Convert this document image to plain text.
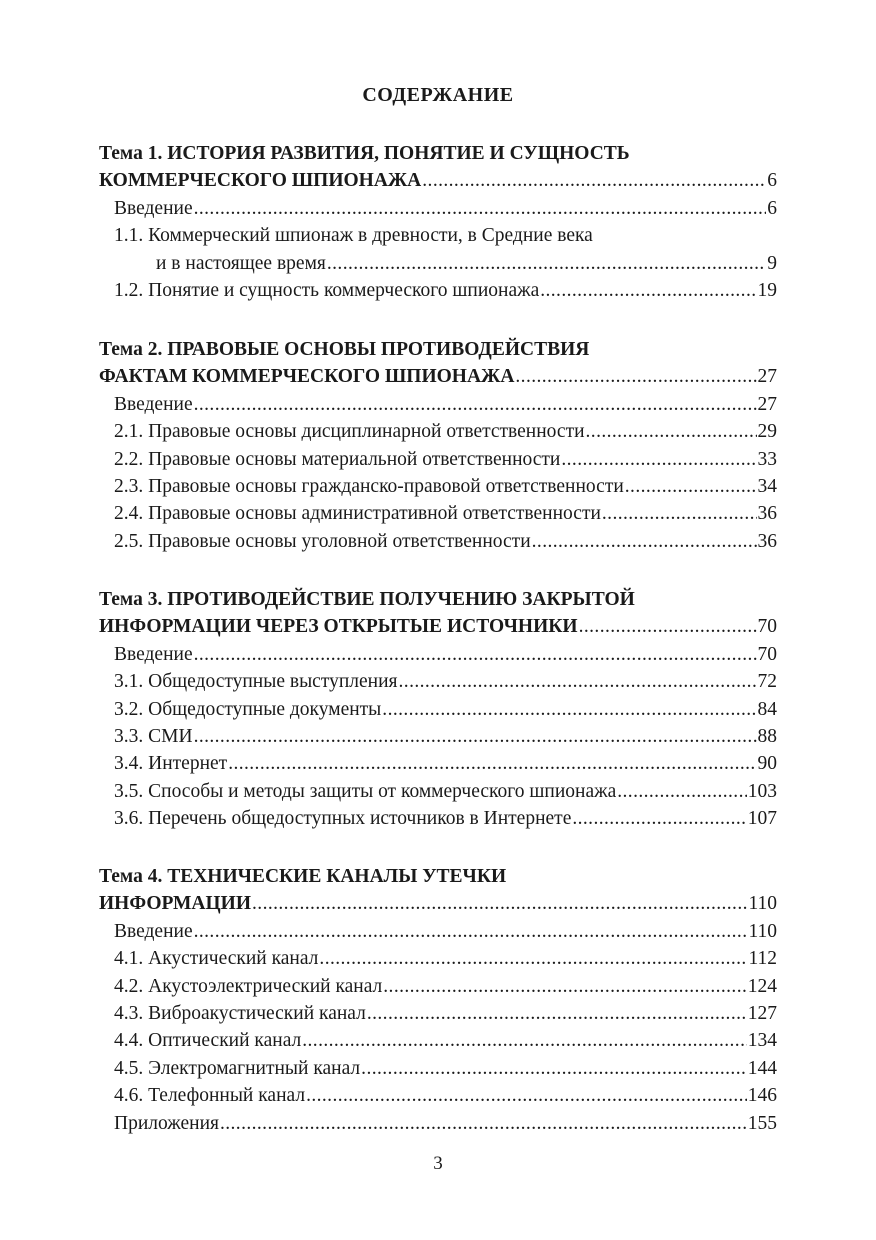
СОДЕРЖАНИЕ
Тема 1. ИСТОРИЯ РАЗВИТИЯ, ПОНЯТИЕ И СУЩНОСТЬ
КОММЕРЧЕСКОГО ШПИОНАЖА .....	6
Введение .....	6
1.1. Коммерческий шпионаж в древности, в Средние века
и в настоящее время .....	9
1.2. Понятие и сущность коммерческого шпионажа .....	19
Тема 2. ПРАВОВЫЕ ОСНОВЫ ПРОТИВОДЕЙСТВИЯ
ФАКТАМ КОММЕРЧЕСКОГО ШПИОНАЖА .....	27
Введение .....	27
2.1. Правовые основы дисциплинарной ответственности .....	29
2.2. Правовые основы материальной ответственности .....	33
2.3. Правовые основы гражданско-правовой ответственности .....	34
2.4. Правовые основы административной ответственности .....	36
2.5. Правовые основы уголовной ответственности .....	36
Тема 3. ПРОТИВОДЕЙСТВИЕ ПОЛУЧЕНИЮ ЗАКРЫТОЙ
ИНФОРМАЦИИ ЧЕРЕЗ ОТКРЫТЫЕ ИСТОЧНИКИ .....	70
Введение .....	70
3.1. Общедоступные выступления .....	72
3.2. Общедоступные документы .....	84
3.3. СМИ .....	88
3.4. Интернет .....	90
3.5. Способы и методы защиты от коммерческого шпионажа .....	103
3.6. Перечень общедоступных источников в Интернете .....	107
Тема 4. ТЕХНИЧЕСКИЕ КАНАЛЫ УТЕЧКИ
ИНФОРМАЦИИ .....	110
Введение .....	110
4.1. Акустический канал .....	112
4.2. Акустоэлектрический канал .....	124
4.3. Виброакустический канал .....	127
4.4. Оптический канал .....	134
4.5. Электромагнитный канал .....	144
4.6. Телефонный канал .....	146
Приложения .....	155
3
